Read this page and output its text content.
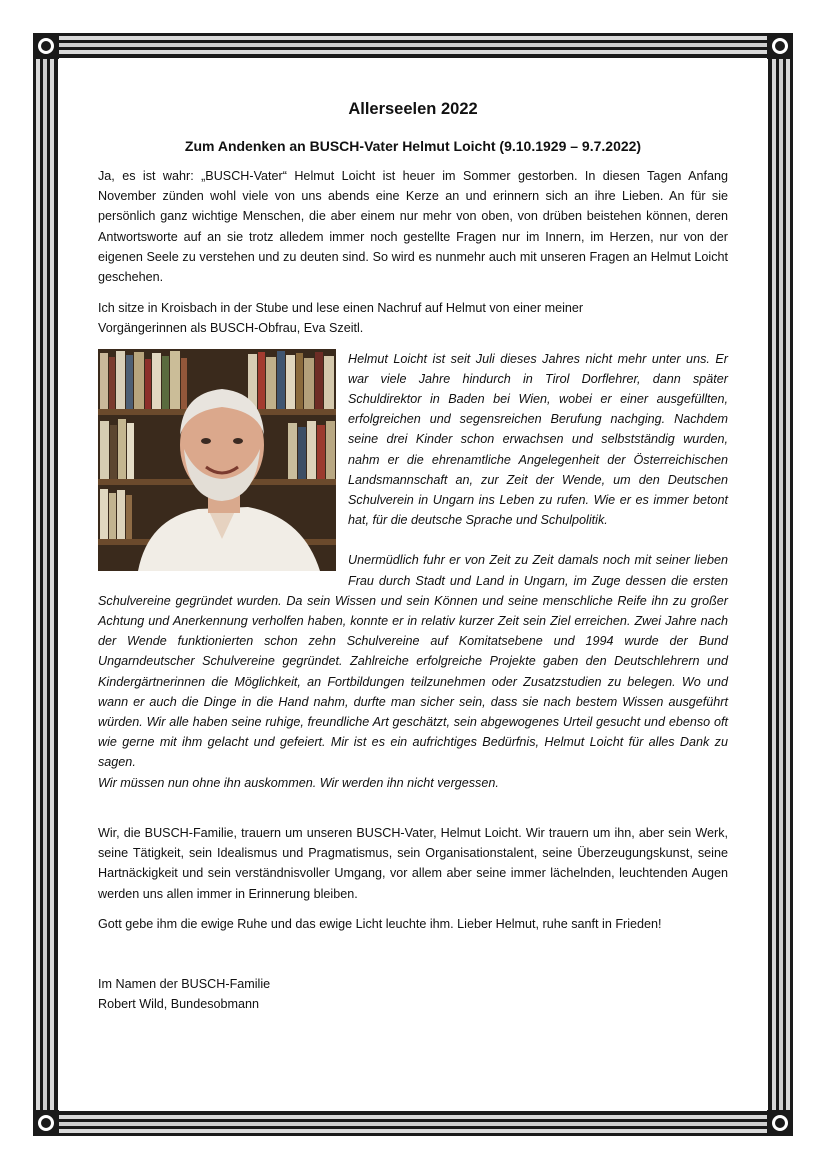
Allerseelen 2022
Zum Andenken an BUSCH-Vater Helmut Loicht (9.10.1929 – 9.7.2022)

Ja, es ist wahr: „BUSCH-Vater“ Helmut Loicht ist heuer im Sommer gestorben. In diesen Tagen Anfang November zünden wohl viele von uns abends eine Kerze an und erinnern sich an ihre Lieben. An für sie persönlich ganz wichtige Menschen, die aber einem nur mehr von oben, von drüben beistehen können, deren Antwortsworte auf an sie trotz alledem immer noch gestellte Fragen nur im Innern, im Herzen, nur von der eigenen Seele zu verstehen und zu deuten sind. So wird es nunmehr auch mit unseren Fragen an Helmut Loicht geschehen.

Ich sitze in Kroisbach in der Stube und lese einen Nachruf auf Helmut von einer meiner
Vorgängerinnen als BUSCH-Obfrau, Eva Szeitl.

Helmut Loicht ist seit Juli dieses Jahres nicht mehr unter uns. Er war viele Jahre hindurch in Tirol Dorflehrer, dann später Schuldirektor in Baden bei Wien, wobei er einer ausgefüllten, erfolgreichen und segensreichen Berufung nachging. Nachdem seine drei Kinder schon erwachsen und selbstständig wurden, nahm er die ehrenamtliche Angelegenheit der Österreichischen Landsmannschaft an, zur Zeit der Wende, um den Deutschen Schulverein in Ungarn ins Leben zu rufen. Wie er es immer betont hat, für die deutsche Sprache und Schulpolitik.

Unermüdlich fuhr er von Zeit zu Zeit damals noch mit seiner lieben Frau durch Stadt und Land in Ungarn, im Zuge dessen die ersten Schulvereine gegründet wurden. Da sein Wissen und sein Können und seine menschliche Reife ihn zu großer Achtung und Anerkennung verholfen haben, konnte er in relativ kurzer Zeit sein Ziel erreichen. Zwei Jahre nach der Wende funktionierten schon zehn Schulvereine auf Komitatsebene und 1994 wurde der Bund Ungarndeutscher Schulvereine gegründet. Zahlreiche erfolgreiche Projekte gaben den Deutschlehrern und Kindergärtnerinnen die Möglichkeit, an Fortbildungen teilzunehmen oder Zusatzstudien zu belegen. Wo und wann er auch die Dinge in die Hand nahm, durfte man sicher sein, dass sie nach bestem Wissen ausgeführt würden. Wir alle haben seine ruhige, freundliche Art geschätzt, sein abgewogenes Urteil gesucht und ebenso oft wie gerne mit ihm gelacht und gefeiert. Mir ist es ein aufrichtiges Bedürfnis, Helmut Loicht für alles Dank zu sagen.

Wir müssen nun ohne ihn auskommen. Wir werden ihn nicht vergessen.

Wir, die BUSCH-Familie, trauern um unseren BUSCH-Vater, Helmut Loicht. Wir trauern um ihn, aber sein Werk, seine Tätigkeit, sein Idealismus und Pragmatismus, sein Organisationstalent, seine Überzeugungskunst, seine Hartnäckigkeit und sein verständnisvoller Umgang, vor allem aber seine immer lächelnden, leuchtenden Augen werden uns allen immer in Erinnerung bleiben.

Gott gebe ihm die ewige Ruhe und das ewige Licht leuchte ihm. Lieber Helmut, ruhe sanft in Frieden!

Im Namen der BUSCH-Familie
Robert Wild, Bundesobmann
